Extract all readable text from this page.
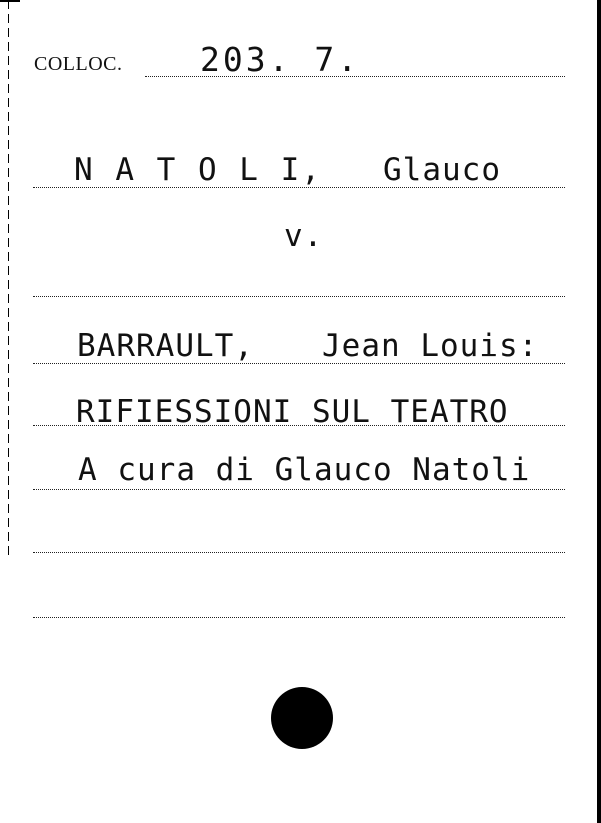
COLLOC. 203. 7.
N A T O L I, Glauco
v.
BARRAULT, Jean Louis:
RIFIESSIONI SUL TEATRO
A cura di Glauco Natoli
